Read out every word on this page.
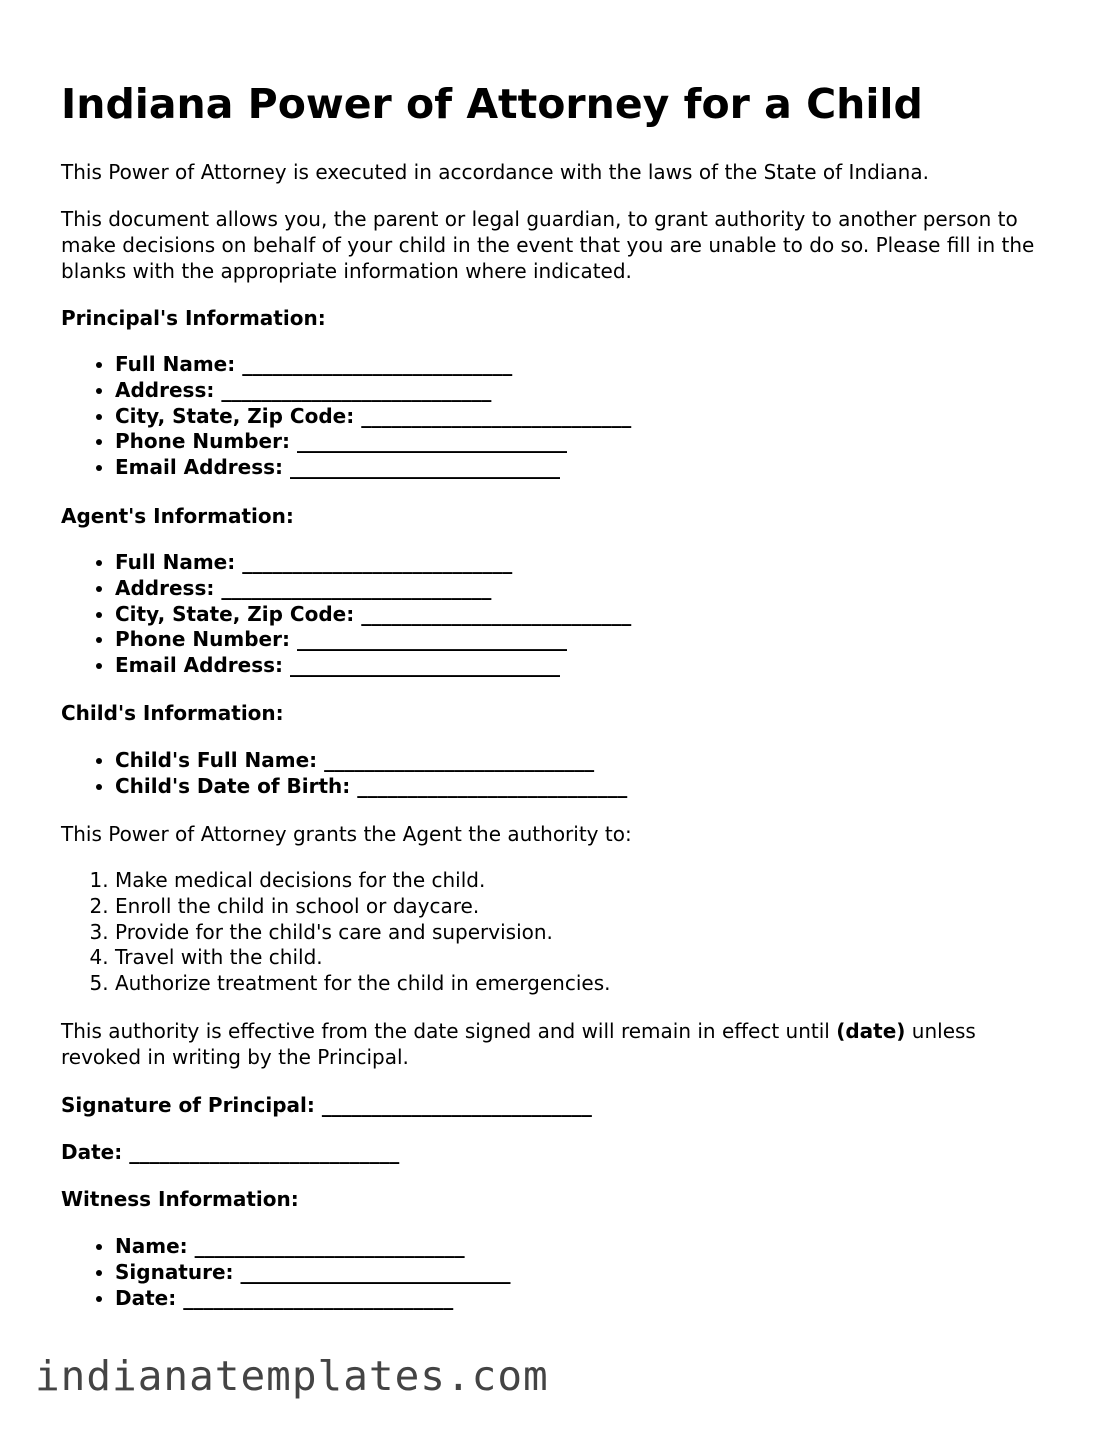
Indiana Power of Attorney for a Child

This Power of Attorney is executed in accordance with the laws of the State of Indiana.

This document allows you, the parent or legal guardian, to grant authority to another person to make decisions on behalf of your child in the event that you are unable to do so. Please fill in the blanks with the appropriate information where indicated.

Principal's Information:

• Full Name: ___________________________
• Address: ___________________________
• City, State, Zip Code: ___________________________
• Phone Number: ___________________________
• Email Address: ___________________________

Agent's Information:

• Full Name: ___________________________
• Address: ___________________________
• City, State, Zip Code: ___________________________
• Phone Number: ___________________________
• Email Address: ___________________________

Child's Information:

• Child's Full Name: ___________________________
• Child's Date of Birth: ___________________________

This Power of Attorney grants the Agent the authority to:

1. Make medical decisions for the child.
2. Enroll the child in school or daycare.
3. Provide for the child's care and supervision.
4. Travel with the child.
5. Authorize treatment for the child in emergencies.

This authority is effective from the date signed and will remain in effect until (date) unless revoked in writing by the Principal.

Signature of Principal: ___________________________

Date: ___________________________

Witness Information:

• Name: ___________________________
• Signature: ___________________________
• Date: ___________________________

indianatemplates.com
